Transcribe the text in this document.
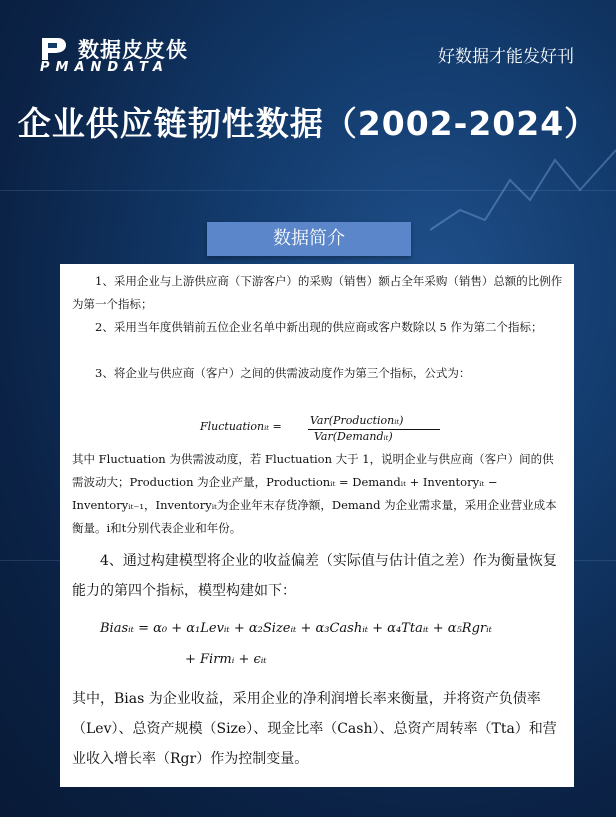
数据皮皮侠
PMANDATA
好数据才能发好刊
企业供应链韧性数据（2002-2024）
数据简介
1、采用企业与上游供应商（下游客户）的采购（销售）额占全年采购（销售）总额的比例作为第一个指标；
2、采用当年度供销前五位企业名单中新出现的供应商或客户数除以 5 作为第二个指标；
3、将企业与供应商（客户）之间的供需波动度作为第三个指标，公式为：
Fluctuationᵢₜ =	Var(Productionᵢₜ)
Var(Demandᵢₜ)
其中 Fluctuation 为供需波动度，若 Fluctuation 大于 1，说明企业与供应商（客户）间的供需波动大；Production 为企业产量，Productionᵢₜ = Demandᵢₜ + Inventoryᵢₜ − Inventoryᵢₜ₋₁，Inventoryᵢₜ为企业年末存货净额，Demand 为企业需求量，采用企业营业成本衡量。i和t分别代表企业和年份。
4、通过构建模型将企业的收益偏差（实际值与估计值之差）作为衡量恢复能力的第四个指标，模型构建如下：
Biasᵢₜ = α₀ + α₁Levᵢₜ + α₂Sizeᵢₜ + α₃Cashᵢₜ + α₄Ttaᵢₜ + α₅Rgrᵢₜ
+ Firmᵢ + ϵᵢₜ
其中，Bias 为企业收益，采用企业的净利润增长率来衡量，并将资产负债率（Lev）、总资产规模（Size）、现金比率（Cash）、总资产周转率（Tta）和营业收入增长率（Rgr）作为控制变量。
